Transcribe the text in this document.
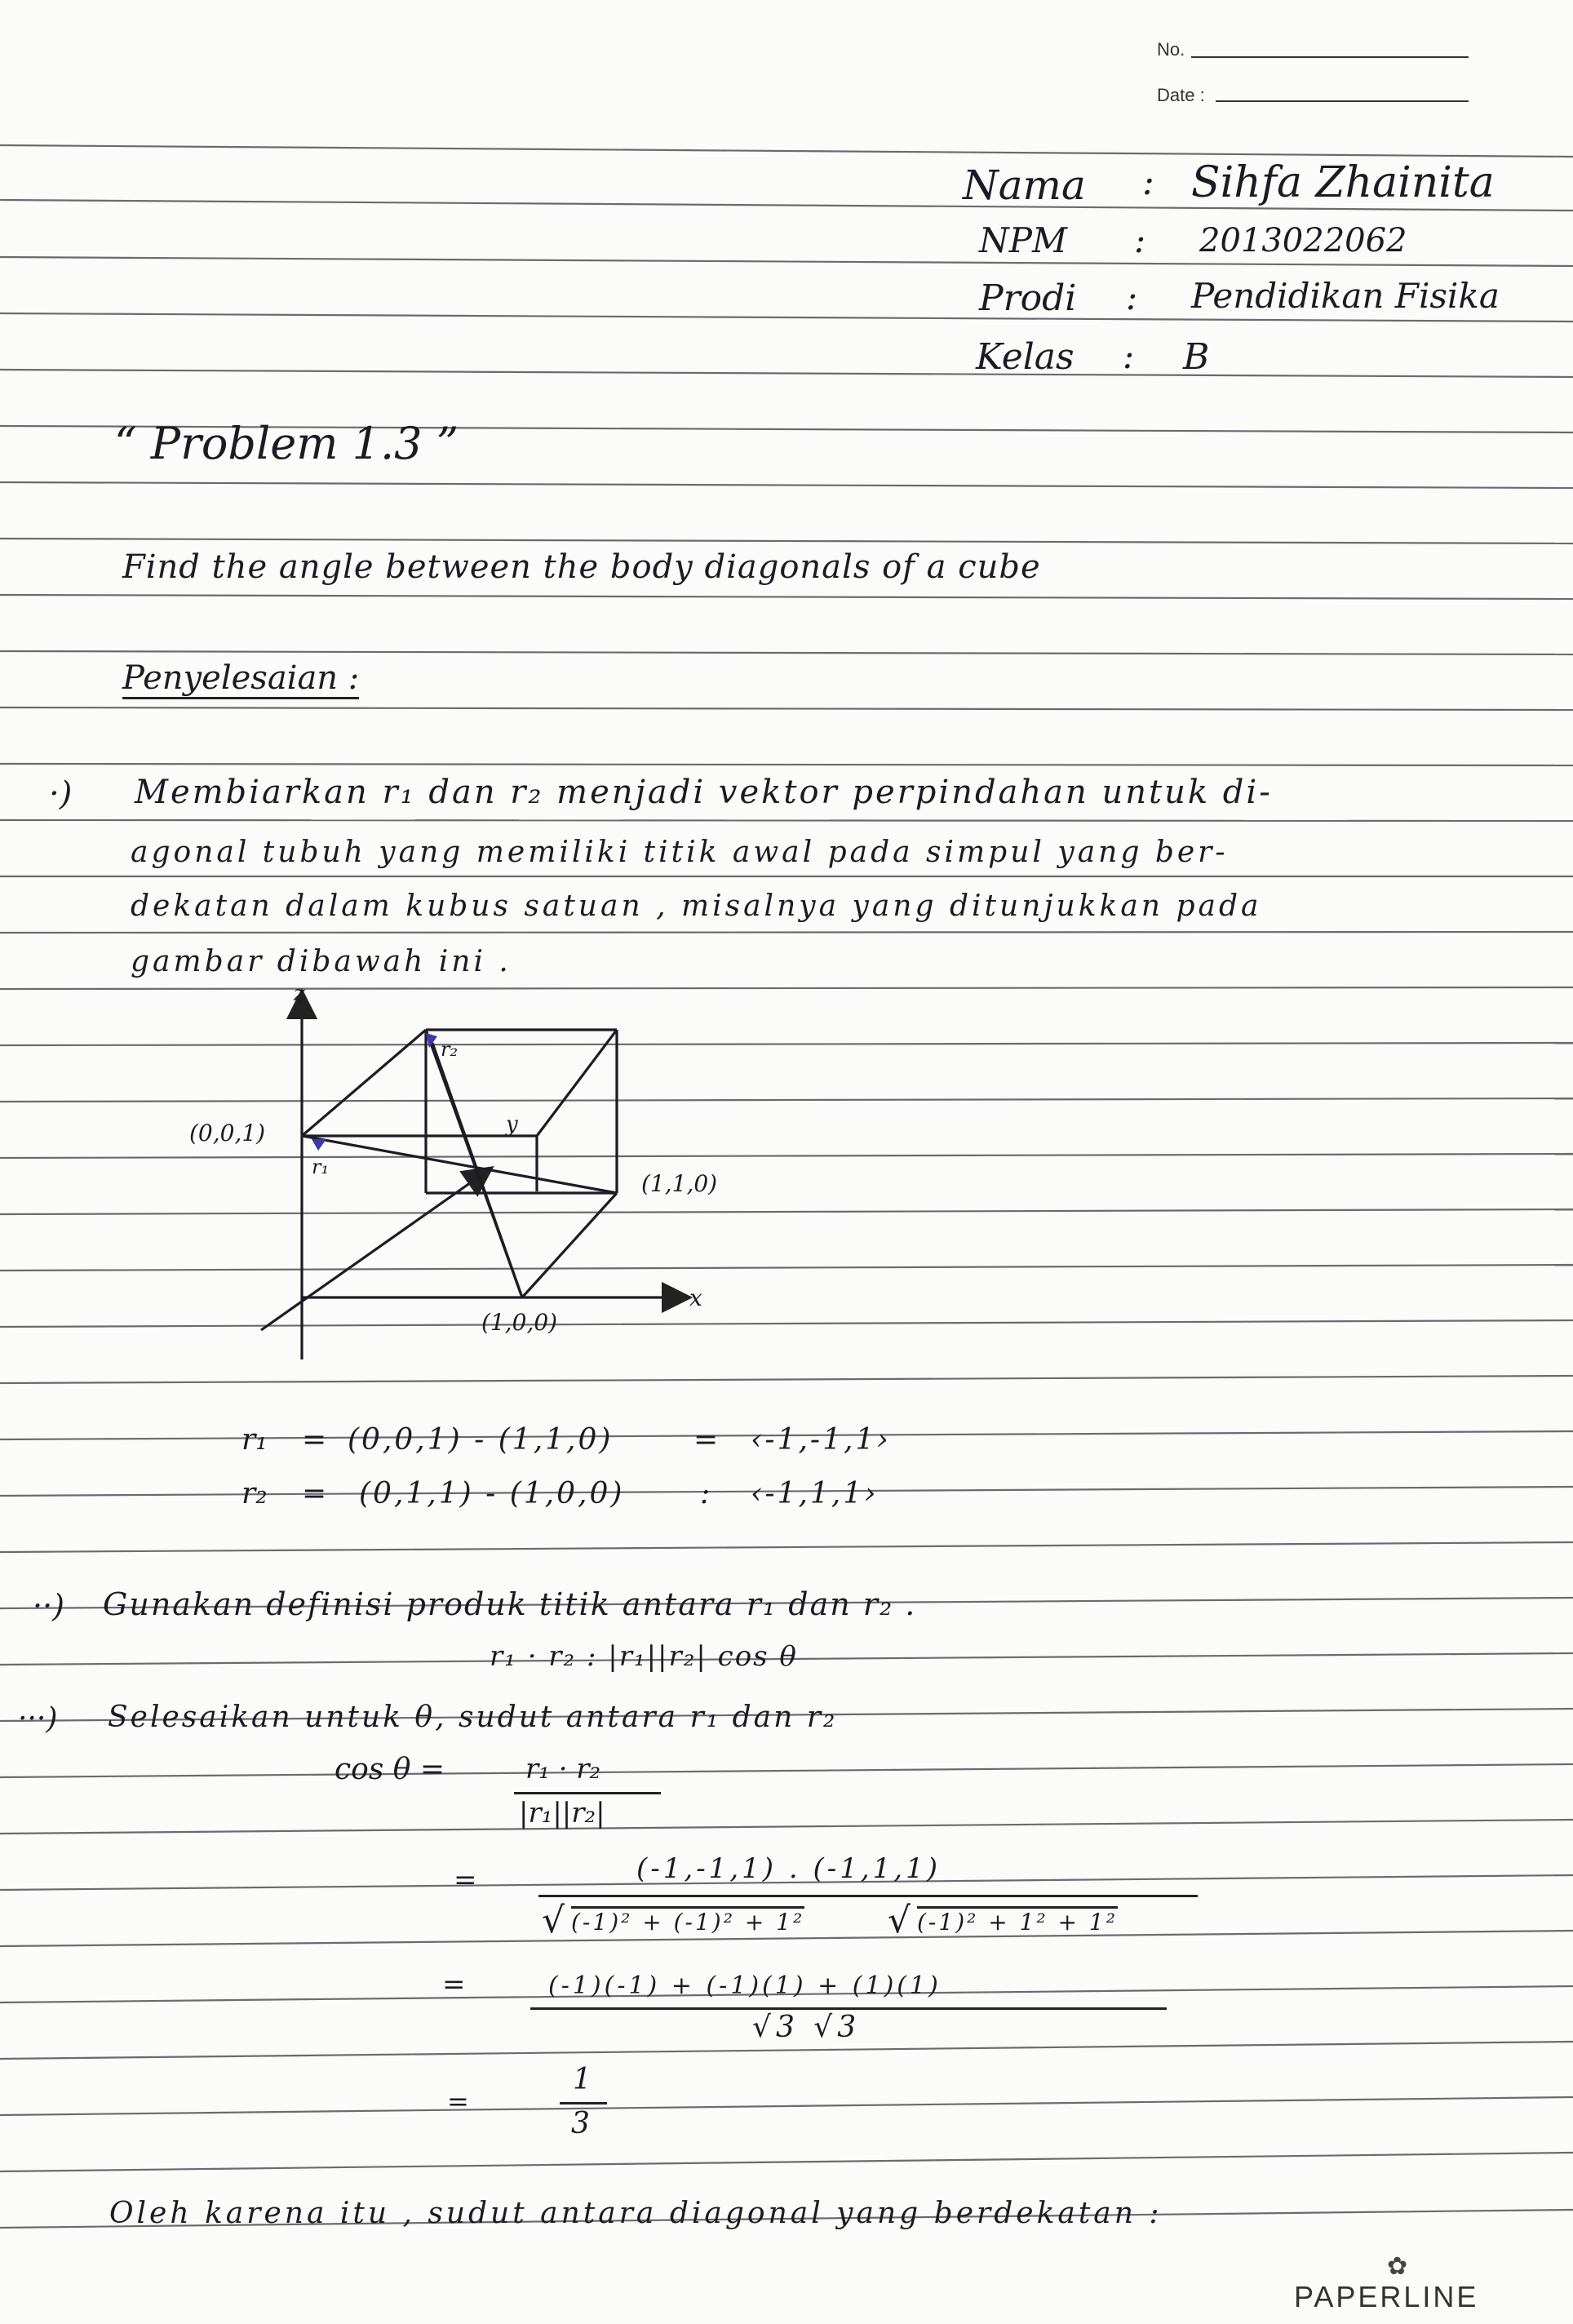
No.
Date :
Nama : Sihfa Zhainita
NPM : 2013022062
Prodi : Pendidikan Fisika
Kelas : B
“ Problem 1.3 ”
Find the angle between the body diagonals of a cube
Penyelesaian :
·) Membiarkan r₁ dan r₂ menjadi vektor perpindahan untuk di-
agonal tubuh yang memiliki titik awal pada simpul yang ber-
dekatan dalam kubus satuan , misalnya yang ditunjukkan pada
gambar dibawah ini .
z
y
x
r₂
r₁
(0,0,1)
(1,1,0)
(1,0,0)
r₁ = (0,0,1) - (1,1,0)	= ‹-1,-1,1›
r₂ = (0,1,1) - (1,0,0)	: ‹-1,1,1›
··) Gunakan definisi produk titik antara r₁ dan r₂ .
r₁ · r₂ : |r₁||r₂| cos θ
···) Selesaikan untuk θ, sudut antara r₁ dan r₂
cos θ =	r₁ · r₂
|r₁||r₂|
=	(-1,-1,1) . (-1,1,1)
√ (-1)² + (-1)² + 1² √ (-1)² + 1² + 1²
=	(-1)(-1) + (-1)(1) + (1)(1)
√3 √3
=
1
3
Oleh karena itu , sudut antara diagonal yang berdekatan :
✿
PAPERLINE
